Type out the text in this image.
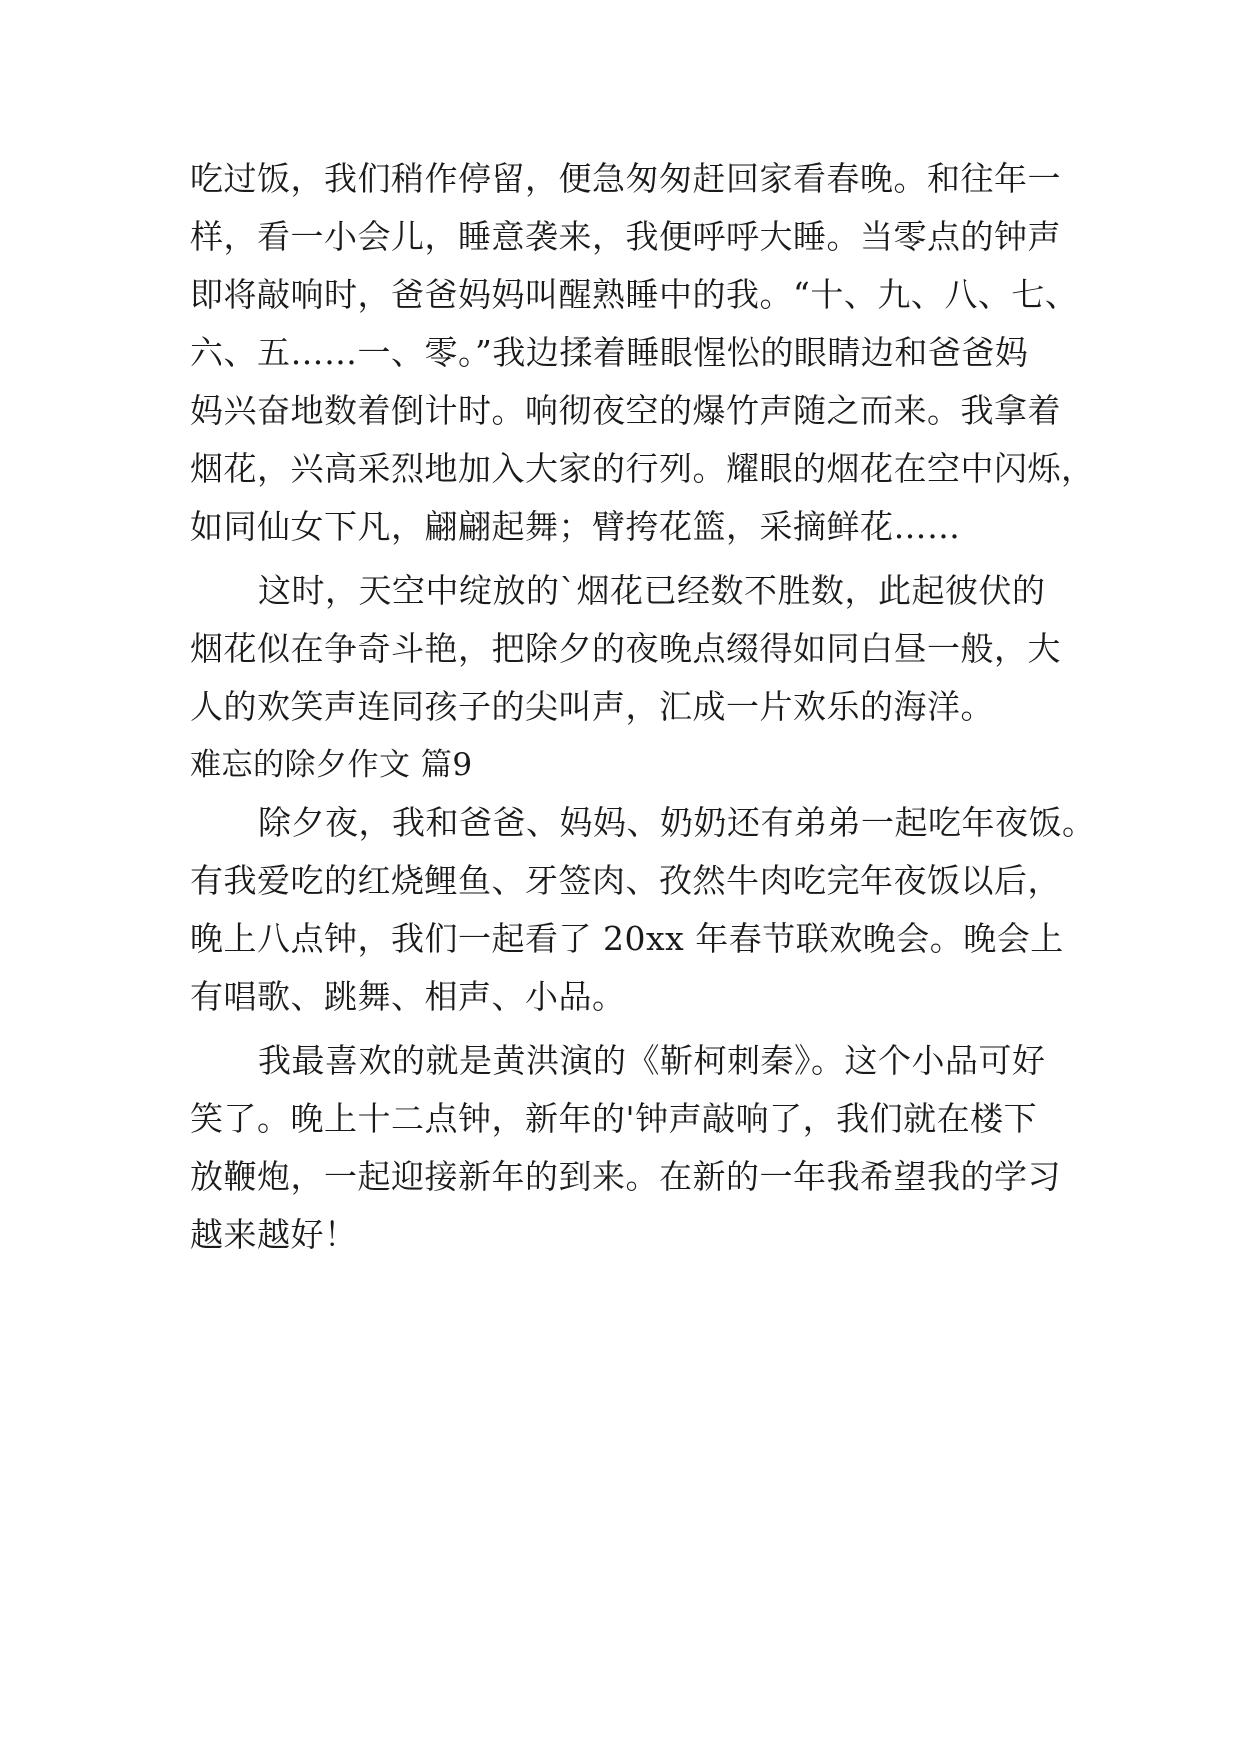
吃过饭，我们稍作停留，便急匆匆赶回家看春晚。和往年一
样，看一小会儿，睡意袭来，我便呼呼大睡。当零点的钟声
即将敲响时，爸爸妈妈叫醒熟睡中的我。“十、九、八、七、
六、五……一、零。”我边揉着睡眼惺忪的眼睛边和爸爸妈
妈兴奋地数着倒计时。响彻夜空的爆竹声随之而来。我拿着
烟花，兴高采烈地加入大家的行列。耀眼的烟花在空中闪烁，
如同仙女下凡，翩翩起舞；臂挎花篮，采摘鲜花……
这时，天空中绽放的`烟花已经数不胜数，此起彼伏的
烟花似在争奇斗艳，把除夕的夜晚点缀得如同白昼一般，大
人的欢笑声连同孩子的尖叫声，汇成一片欢乐的海洋。
难忘的除夕作文 篇9
除夕夜，我和爸爸、妈妈、奶奶还有弟弟一起吃年夜饭。
有我爱吃的红烧鲤鱼、牙签肉、孜然牛肉吃完年夜饭以后，
晚上八点钟，我们一起看了 20xx 年春节联欢晚会。晚会上
有唱歌、跳舞、相声、小品。
我最喜欢的就是黄洪演的《靳柯刺秦》。这个小品可好
笑了。晚上十二点钟，新年的'钟声敲响了，我们就在楼下
放鞭炮，一起迎接新年的到来。在新的一年我希望我的学习
越来越好！
